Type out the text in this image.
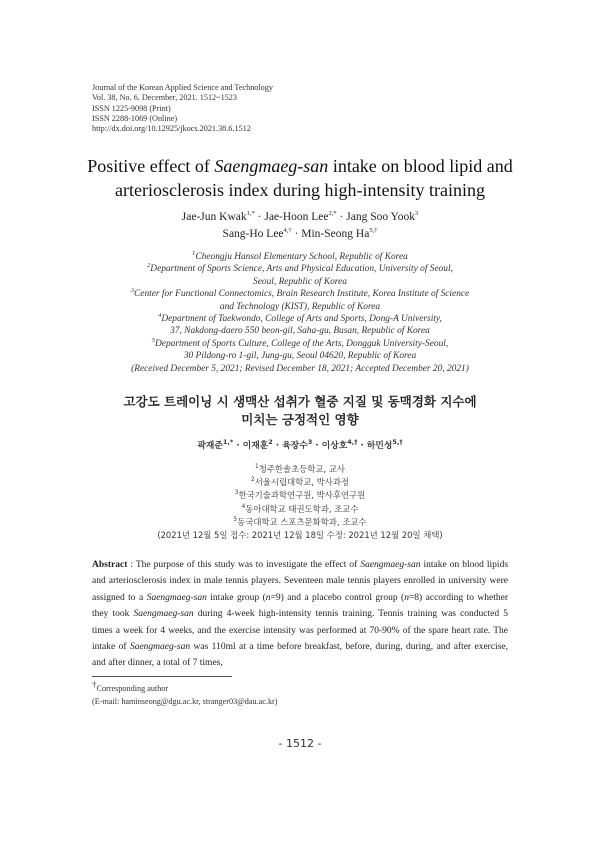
Journal of the Korean Applied Science and Technology
Vol. 38, No. 6. December, 2021. 1512~1523
ISSN 1225-9098 (Print)
ISSN 2288-1069 (Online)
http://dx.doi.org/10.12925/jkocs.2021.38.6.1512
Positive effect of Saengmaeg-san intake on blood lipid and
arteriosclerosis index during high-intensity training
Jae-Jun Kwak$^{1,*}$ · Jae-Hoon Lee$^{2,*}$ · Jang Soo Yook$^3$
Sang-Ho Lee$^{4,\dagger}$ · Min-Seong $Ha^{5,\dagger}$
$^1$Cheongju Hansol Elementary School, Republic of Korea
$^2$Department of Sports Science, Arts and Physical Education, University of Seoul,
Seoul, Republic of Korea
$^3$Center for Functional Connectomics, Brain Research Institute, Korea Institute of Science
and Technology (KIST), Republic of Korea
$^4$Department of Taekwondo, College of Arts and Sports, Dong-A University,
37, Nakdong-daero 550 beon-gil, Saha-gu, Busan, Republic of Korea
$^5$Department of Sports Culture, College of the Arts, Dongguk University-Seoul,
30 Pildong-ro 1-gil, Jung-gu, Seoul 04620, Republic of Korea
(Received December 5, 2021; Revised December 18, 2021; Accepted December 20, 2021)
고강도 트레이닝 시 생맥산 섭취가 혈중 지질 및 동맥경화 지수에
미치는 긍정적인 영향
곽재준$^{1,*}$ · 이재훈$^2$ · 육장수$^3$ · 이상호$^{4,\dagger}$ · 하민성$^{5,\dagger}$
$^1$청주한솔초등학교, 교사
$^2$서울시립대학교, 박사과정
$^3$한국기술과학연구원, 박사후연구원
$^4$동아대학교 태권도학과, 조교수
$^5$동국대학교 스포츠문화학과, 조교수
(2021년 12월 5일 접수: 2021년 12월 18일 수정: 2021년 12월 20일 채택)
Abstract : The purpose of this study was to investigate the effect of Saengmaeg-san intake on blood lipids and arteriosclerosis index in male tennis players. Seventeen male tennis players enrolled in university were assigned to a Saengmaeg-san intake group (n=9) and a placebo control group (n=8) according to whether they took Saengmaeg-san during 4-week high-intensity tennis training. Tennis training was conducted 5 times a week for 4 weeks, and the exercise intensity was performed at 70-90% of the spare heart rate. The intake of Saengmaeg-san was 110ml at a time before breakfast, before, during, during, and after exercise, and after dinner, a total of 7 times,
†Corresponding author
(E-mail: haminseong@dgu.ac.kr, stranger03@dau.ac.kr)
- 1512 -
